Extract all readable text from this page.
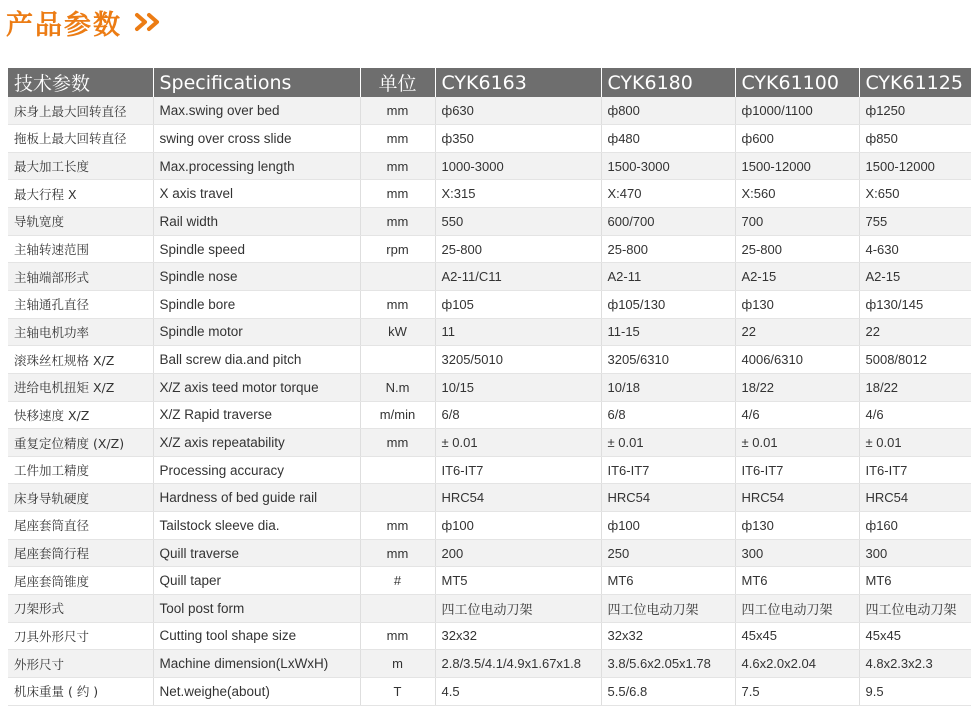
产品参数
技术参数	Specifications	单位	CYK6163	CYK6180	CYK61100	CYK61125
床身上最大回转直径	Max.swing over bed	mm	ф630	ф800	ф1000/1100	ф1250
拖板上最大回转直径	swing over cross slide	mm	ф350	ф480	ф600	ф850
最大加工长度	Max.processing length	mm	1000-3000	1500-3000	1500-12000	1500-12000
最大行程 X	X axis travel	mm	X:315	X:470	X:560	X:650
导轨宽度	Rail width	mm	550	600/700	700	755
主轴转速范围	Spindle speed	rpm	25-800	25-800	25-800	4-630
主轴端部形式	Spindle nose		A2-11/C11	A2-11	A2-15	A2-15
主轴通孔直径	Spindle bore	mm	ф105	ф105/130	ф130	ф130/145
主轴电机功率	Spindle motor	kW	11	11-15	22	22
滚珠丝杠规格 X/Z	Ball screw dia.and pitch		3205/5010	3205/6310	4006/6310	5008/8012
进给电机扭矩 X/Z	X/Z axis teed motor torque	N.m	10/15	10/18	18/22	18/22
快移速度 X/Z	X/Z Rapid traverse	m/min	6/8	6/8	4/6	4/6
重复定位精度 (X/Z)	X/Z axis repeatability	mm	± 0.01	± 0.01	± 0.01	± 0.01
工件加工精度	Processing accuracy		IT6-IT7	IT6-IT7	IT6-IT7	IT6-IT7
床身导轨硬度	Hardness of bed guide rail		HRC54	HRC54	HRC54	HRC54
尾座套筒直径	Tailstock sleeve dia.	mm	ф100	ф100	ф130	ф160
尾座套筒行程	Quill traverse	mm	200	250	300	300
尾座套筒锥度	Quill taper	#	MT5	MT6	MT6	MT6
刀架形式	Tool post form		四工位电动刀架	四工位电动刀架	四工位电动刀架	四工位电动刀架
刀具外形尺寸	Cutting tool shape size	mm	32x32	32x32	45x45	45x45
外形尺寸	Machine dimension(LxWxH)	m	2.8/3.5/4.1/4.9x1.67x1.8	3.8/5.6x2.05x1.78	4.6x2.0x2.04	4.8x2.3x2.3
机床重量 ( 约 )	Net.weighe(about)	T	4.5	5.5/6.8	7.5	9.5
